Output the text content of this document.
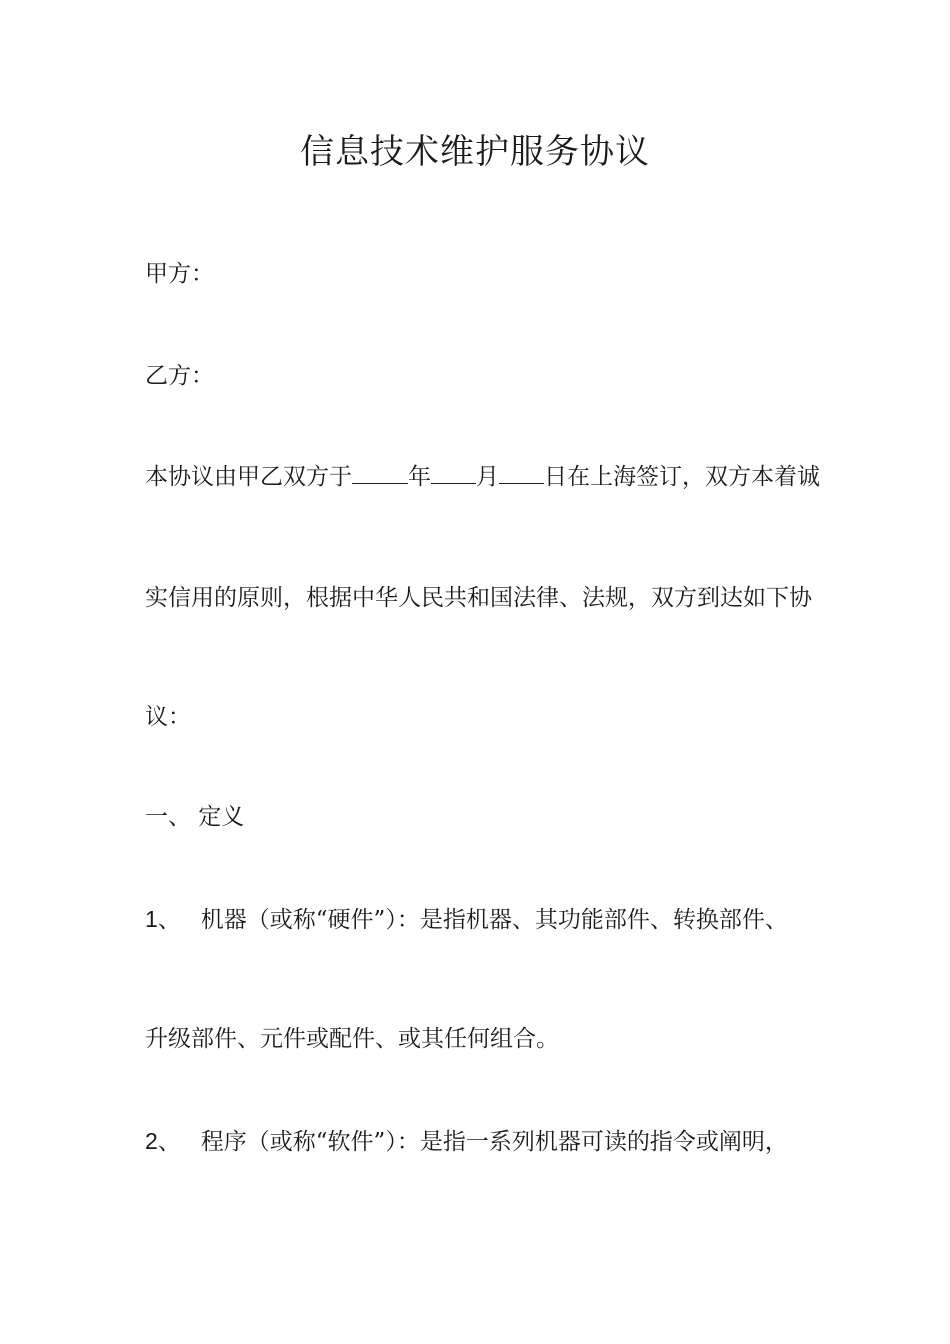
信息技术维护服务协议
甲方：
乙方：
本协议由甲乙双方于 年 月 日在上海签订，双方本着诚
实信用的原则，根据中华人民共和国法律、法规，双方到达如下协
议：
一、 定义
1、 机器（或称“硬件”）：是指机器、其功能部件、转换部件、
升级部件、元件或配件、或其任何组合。
2、 程序（或称“软件”）：是指一系列机器可读的指令或阐明，
